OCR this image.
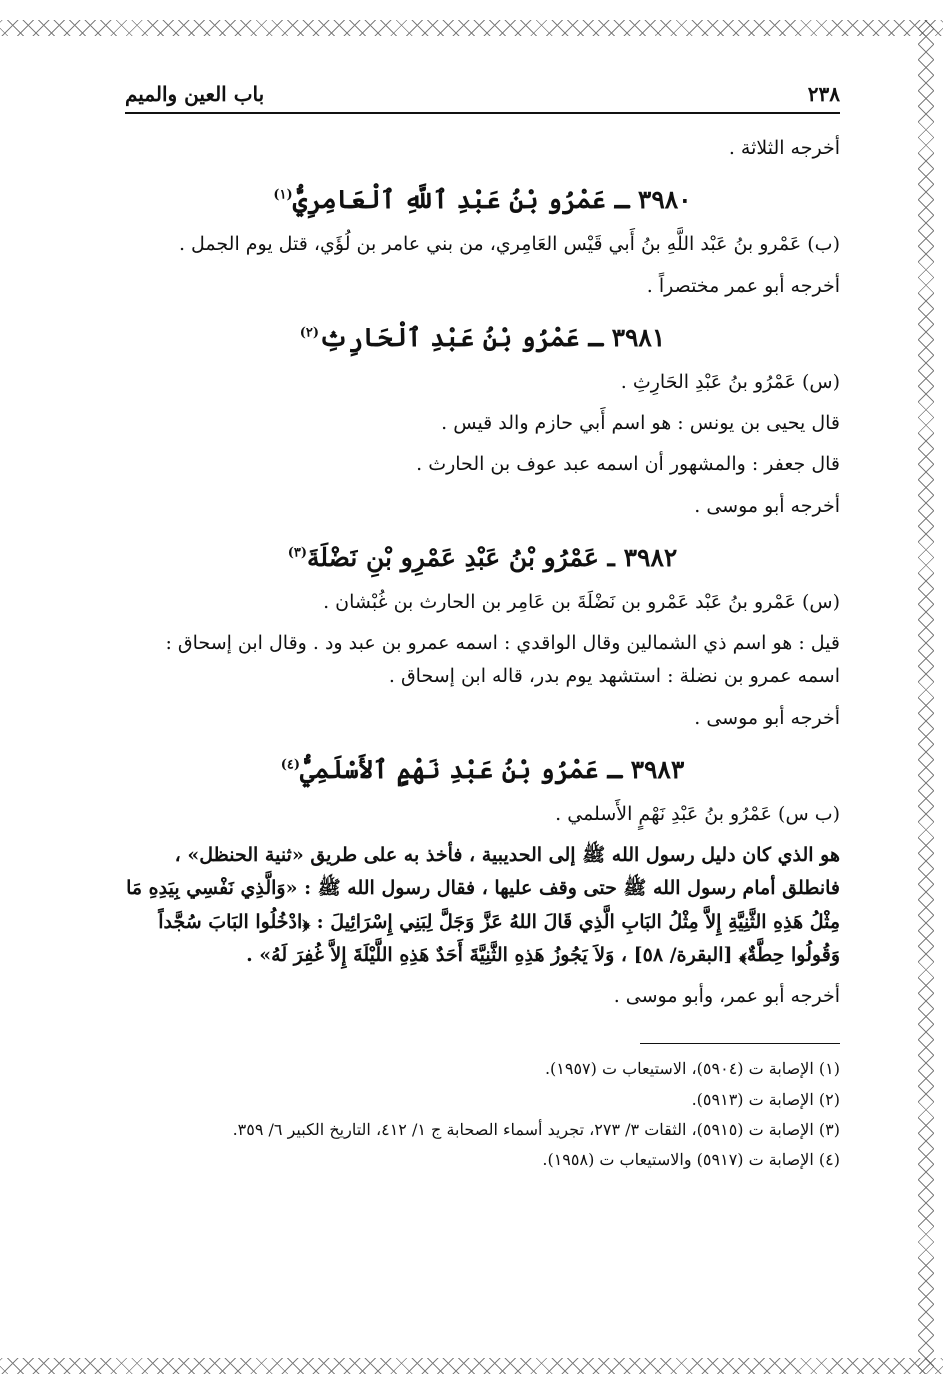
٢٣٨
باب العين والميم

أخرجه الثلاثة .

٣٩٨٠ ـ عَمْرُو بْنُ عَبْدِ ٱللَّهِ ٱلْعَامِرِيُّ$^{(١)}$

(ب) عَمْرو بنُ عَبْد اللَّهِ بنُ أَبي قَيْس العَامِري، من بني عامر بن لُؤَي، قتل يوم الجمل .

أخرجه أبو عمر مختصراً .

٣٩٨١ ـ عَمْرُو بْنُ عَبْدِ ٱلْحَارِثِ$^{(٢)}$

(س) عَمْرُو بنُ عَبْدِ الحَارِثِ .

قال يحيى بن يونس : هو اسم أَبي حازم والد قيس .

قال جعفر : والمشهور أن اسمه عبد عوف بن الحارث .

أخرجه أبو موسى .

٣٩٨٢ ـ عَمْرُو بْنُ عَبْدِ عَمْرِو بْنِ نَضْلَةَ$^{(٣)}$

(س) عَمْرو بنُ عَبْد عَمْرو بن نَضْلَةَ بن عَامِر بن الحارث بن غُبْشان .

قيل : هو اسم ذي الشمالين وقال الواقدي : اسمه عمرو بن عبد ود . وقال ابن إسحاق : اسمه عمرو بن نضلة : استشهد يوم بدر، قاله ابن إسحاق .

أخرجه أبو موسى .

٣٩٨٣ ـ عَمْرُو بْنُ عَبْدِ نَهْمٍ ٱلأَسْلَمِيُّ$^{(٤)}$

(ب س) عَمْرُو بنُ عَبْدِ نَهْمٍ الأَسلمي .

هو الذي كان دليل رسول الله ﷺ إلى الحديبية ، فأخذ به على طريق «ثنية الحنظل» ، فانطلق أمام رسول الله ﷺ حتى وقف عليها ، فقال رسول الله ﷺ : «وَالَّذِي نَفْسِي بِيَدِهِ مَا مِثْلُ هَذِهِ الثَّنِيَّةِ إِلاَّ مِثْلُ البَابِ الَّذِي قَالَ اللهُ عَزَّ وَجَلَّ لِبَنِي إِسْرَائِيلَ : ﴿ادْخُلُوا البَابَ سُجَّداً وَقُولُوا حِطَّةٌ﴾ [البقرة/ ٥٨] ، وَلاَ يَجُوزُ هَذِهِ الثَّنِيَّةَ أَحَدٌ هَذِهِ اللَّيْلَةَ إِلاَّ غُفِرَ لَهُ» .

أخرجه أبو عمر، وأبو موسى .

(١) الإصابة ت (٥٩٠٤)، الاستيعاب ت (١٩٥٧).

(٢) الإصابة ت (٥٩١٣).

(٣) الإصابة ت (٥٩١٥)، الثقات ٣/ ٢٧٣، تجريد أسماء الصحابة ج ١/ ٤١٢، التاريخ الكبير ٦/ ٣٥٩.

(٤) الإصابة ت (٥٩١٧) والاستيعاب ت (١٩٥٨).
